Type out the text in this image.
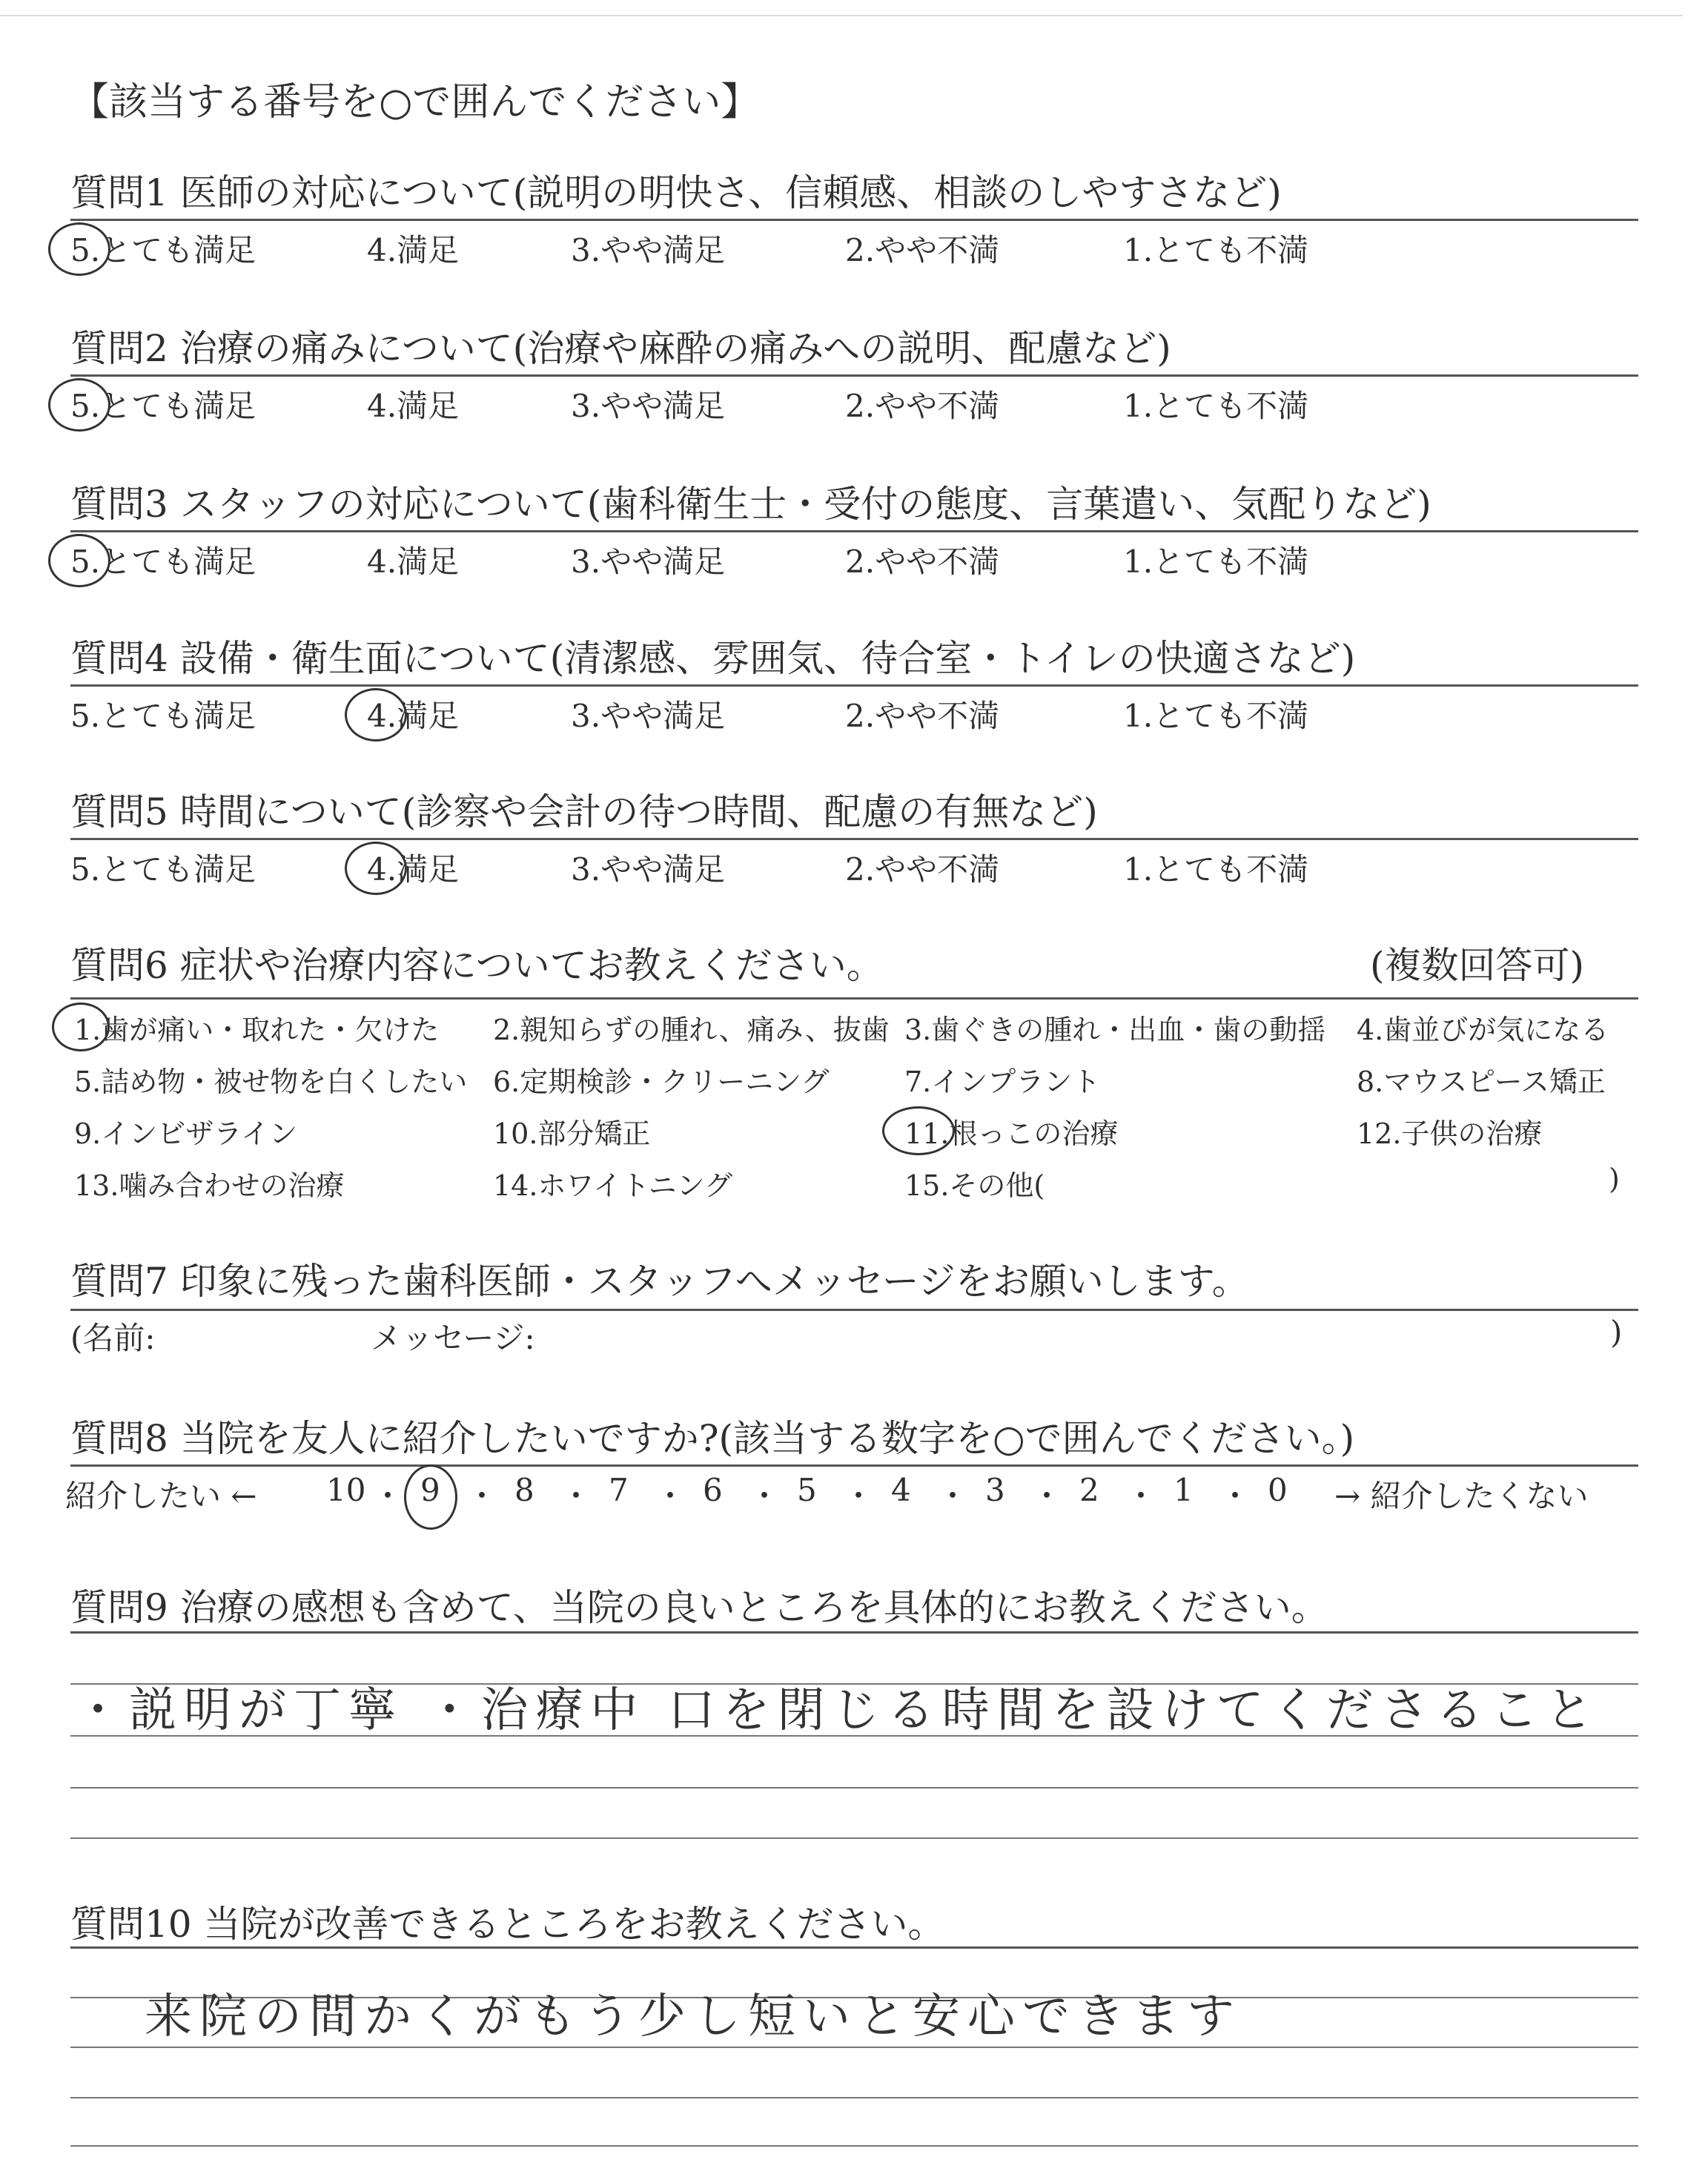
【該当する番号を○で囲んでください】
質問1 医師の対応について(説明の明快さ、信頼感、相談のしやすさなど)
5.とても満足	4.満足	3.やや満足	2.やや不満	1.とても不満
質問2 治療の痛みについて(治療や麻酔の痛みへの説明、配慮など)
5.とても満足	4.満足	3.やや満足	2.やや不満	1.とても不満
質問3 スタッフの対応について(歯科衛生士・受付の態度、言葉遣い、気配りなど)
5.とても満足	4.満足	3.やや満足	2.やや不満	1.とても不満
質問4 設備・衛生面について(清潔感、雰囲気、待合室・トイレの快適さなど)
5.とても満足	4.満足	3.やや満足	2.やや不満	1.とても不満
質問5 時間について(診察や会計の待つ時間、配慮の有無など)
5.とても満足	4.満足	3.やや満足	2.やや不満	1.とても不満
質問6 症状や治療内容についてお教えください。	(複数回答可)
1.歯が痛い・取れた・欠けた 2.親知らずの腫れ、痛み、抜歯 3.歯ぐきの腫れ・出血・歯の動揺 4.歯並びが気になる
5.詰め物・被せ物を白くしたい 6.定期検診・クリーニング	7.インプラント	8.マウスピース矯正
9.インビザライン	10.部分矯正	11.根っこの治療	12.子供の治療
13.噛み合わせの治療	14.ホワイトニング	15.その他(	)
質問7 印象に残った歯科医師・スタッフへメッセージをお願いします。
(名前:	メッセージ:	)
質問8 当院を友人に紹介したいですか?(該当する数字を○で囲んでください。)
紹介したい ←	→ 紹介したくない
10 ・ 9 ・ 8 ・ 7 ・ 6 ・ 5 ・ 4 ・ 3 ・ 2 ・ 1 ・ 0
質問9 治療の感想も含めて、当院の良いところを具体的にお教えください。
・説明が丁寧 ・治療中 口を閉じる時間を設けてくださること
質問10 当院が改善できるところをお教えください。
来院の間かくがもう少し短いと安心できます
